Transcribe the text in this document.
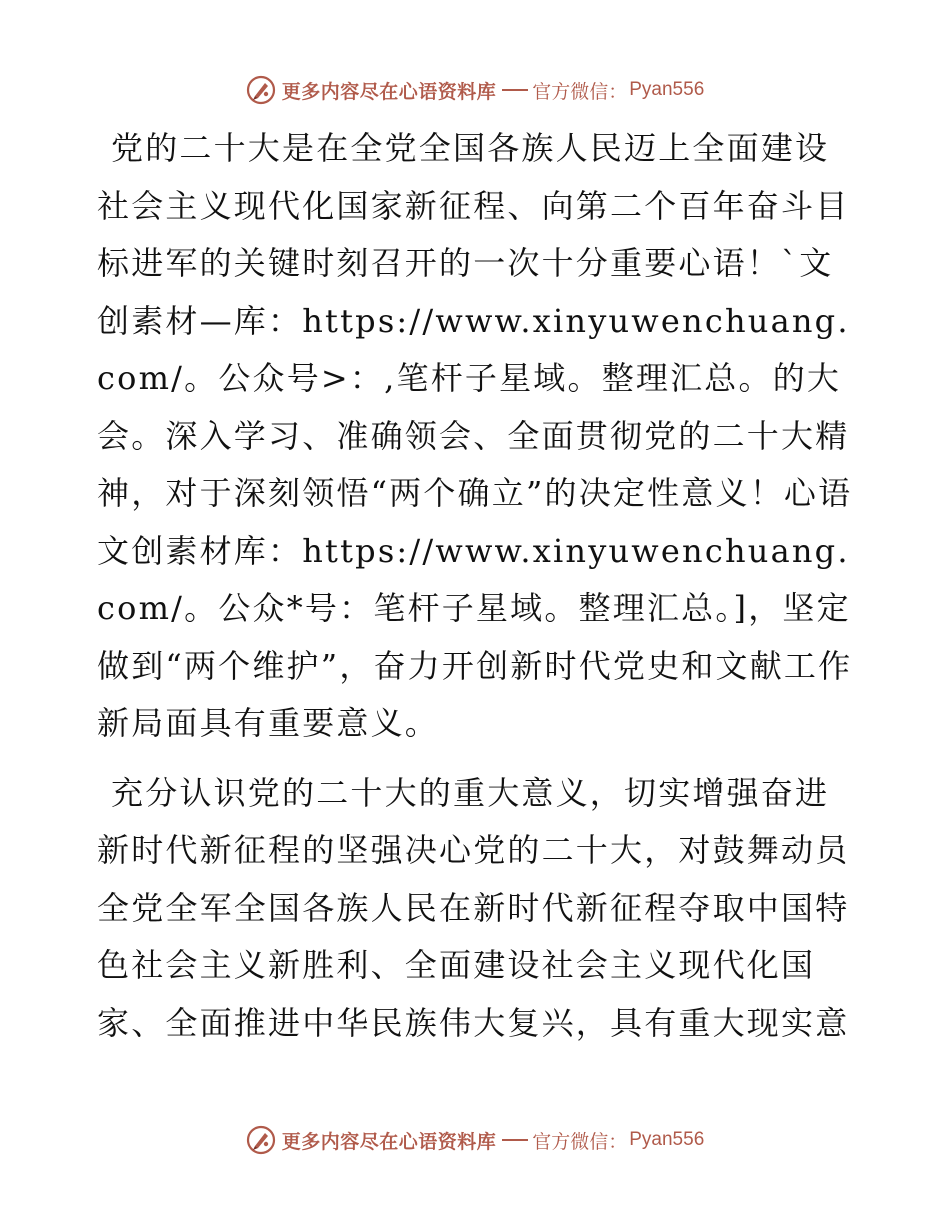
更多内容尽在心语资料库 官方微信： Pyan556

党的二十大是在全党全国各族人民迈上全面建设社会主义现代化国家新征程、向第二个百年奋斗目标进军的关键时刻召开的一次十分重要心语！`文创素材—库：https://www.xinyuwenchuang.com/。公众号>：,笔杆子星域。整理汇总。的大会。深入学习、准确领会、全面贯彻党的二十大精神，对于深刻领悟“两个确立”的决定性意义！心语文创素材库：https://www.xinyuwenchuang.com/。公众*号：笔杆子星域。整理汇总。]，坚定做到“两个维护”，奋力开创新时代党史和文献工作新局面具有重要意义。

充分认识党的二十大的重大意义，切实增强奋进新时代新征程的坚强决心党的二十大，对鼓舞动员全党全军全国各族人民在新时代新征程夺取中国特色社会主义新胜利、全面建设社会主义现代化国家、全面推进中华民族伟大复兴，具有重大现实意

更多内容尽在心语资料库 官方微信： Pyan556
